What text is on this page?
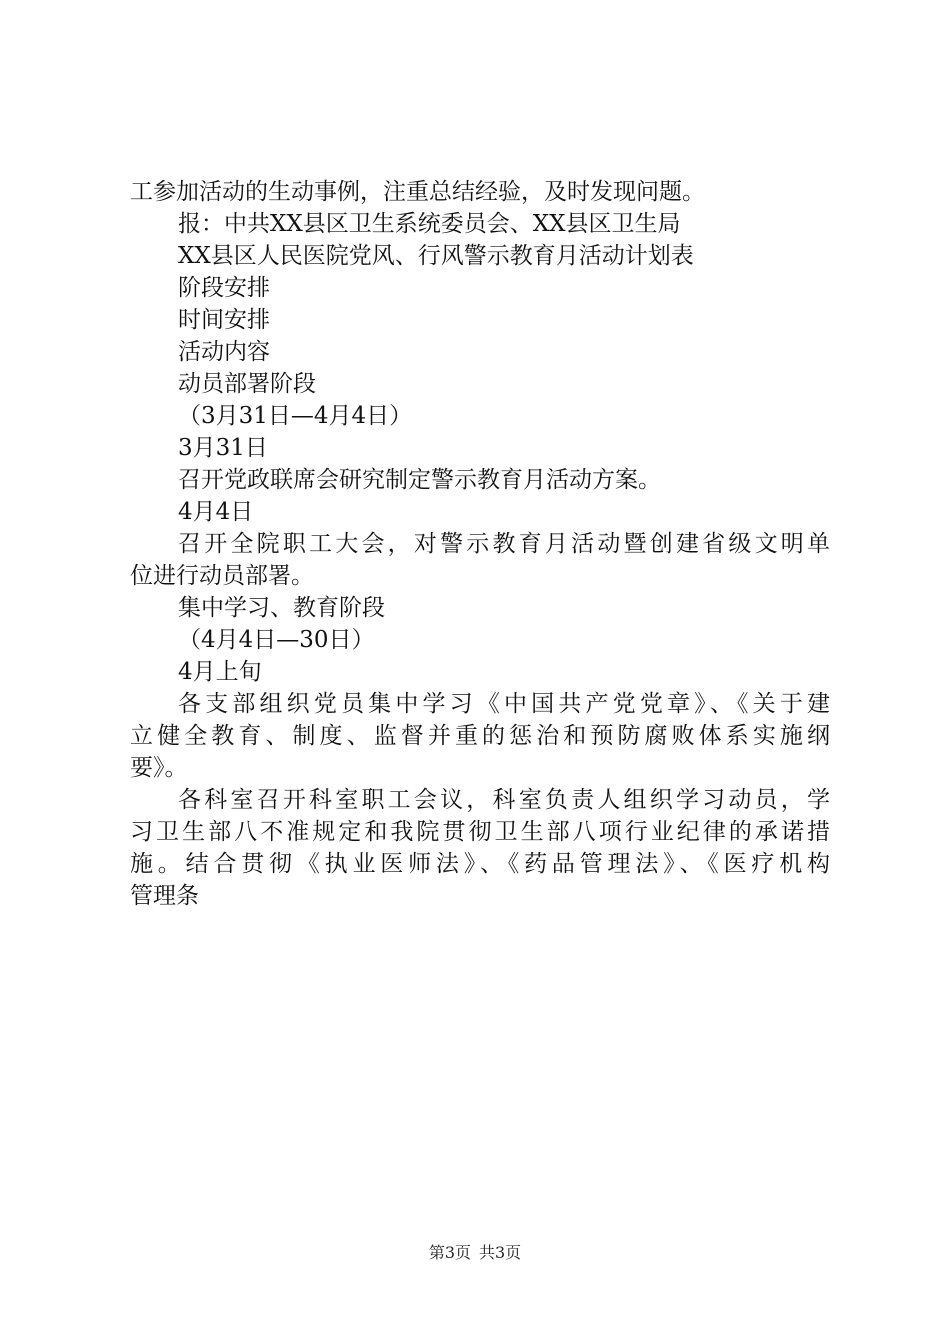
工参加活动的生动事例，注重总结经验，及时发现问题。
报：中共XX县区卫生系统委员会、XX县区卫生局
XX县区人民医院党风、行风警示教育月活动计划表
阶段安排
时间安排
活动内容
动员部署阶段
（3月31日—4月4日）
3月31日
召开党政联席会研究制定警示教育月活动方案。
4月4日
召开全院职工大会，对警示教育月活动暨创建省级文明单
位进行动员部署。
集中学习、教育阶段
（4月4日—30日）
4月上旬
各支部组织党员集中学习《中国共产党党章》、《关于建
立健全教育、制度、监督并重的惩治和预防腐败体系实施纲
要》。
各科室召开科室职工会议，科室负责人组织学习动员，学
习卫生部八不准规定和我院贯彻卫生部八项行业纪律的承诺措
施。结合贯彻《执业医师法》、《药品管理法》、《医疗机构
管理条
第3页 共3页
